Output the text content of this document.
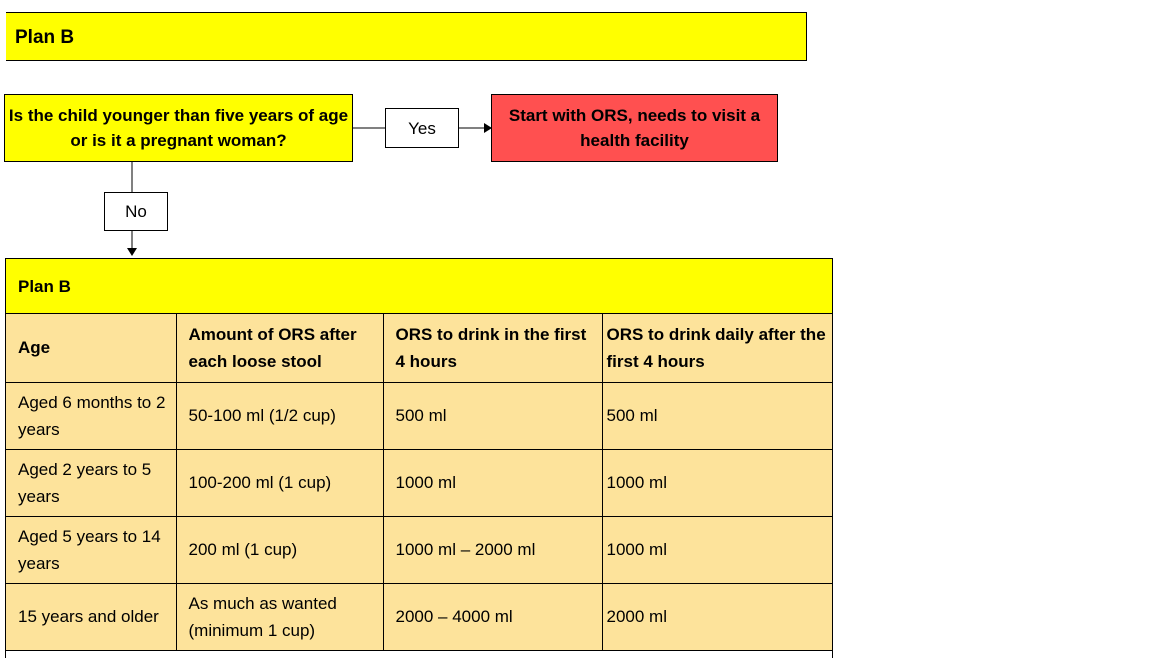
Plan B
Is the child younger than five years of age or is it a pregnant woman?
Yes
Start with ORS, needs to visit a health facility
No
Plan B
Age	Amount of ORS after each loose stool	ORS to drink in the first 4 hours	ORS to drink daily after the first 4 hours
Aged 6 months to 2 years	50-100 ml (1/2 cup)	500 ml	500 ml
Aged 2 years to 5 years	100-200 ml (1 cup)	1000 ml	1000 ml
Aged 5 years to 14 years	200 ml (1 cup)	1000 ml – 2000 ml	1000 ml
15 years and older	As much as wanted (minimum 1 cup)	2000 – 4000 ml	2000 ml
